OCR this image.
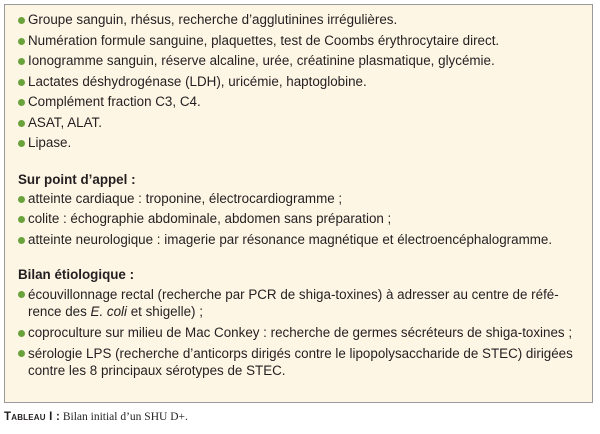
Groupe sanguin, rhésus, recherche d’agglutinines irrégulières.
Numération formule sanguine, plaquettes, test de Coombs érythrocytaire direct.
Ionogramme sanguin, réserve alcaline, urée, créatinine plasmatique, glycémie.
Lactates déshydrogénase (LDH), uricémie, haptoglobine.
Complément fraction C3, C4.
ASAT, ALAT.
Lipase.
Sur point d’appel :
atteinte cardiaque : troponine, électrocardiogramme ;
colite : échographie abdominale, abdomen sans préparation ;
atteinte neurologique : imagerie par résonance magnétique et électroencéphalogramme.
Bilan étiologique :
écouvillonnage rectal (recherche par PCR de shiga-toxines) à adresser au centre de réfé-
rence des E. coli et shigelle) ;
coproculture sur milieu de Mac Conkey : recherche de germes sécréteurs de shiga-toxines ;
sérologie LPS (recherche d’anticorps dirigés contre le lipopolysaccharide de STEC) dirigées
contre les 8 principaux sérotypes de STEC.
Tableau I : Bilan initial d’un SHU D+.
